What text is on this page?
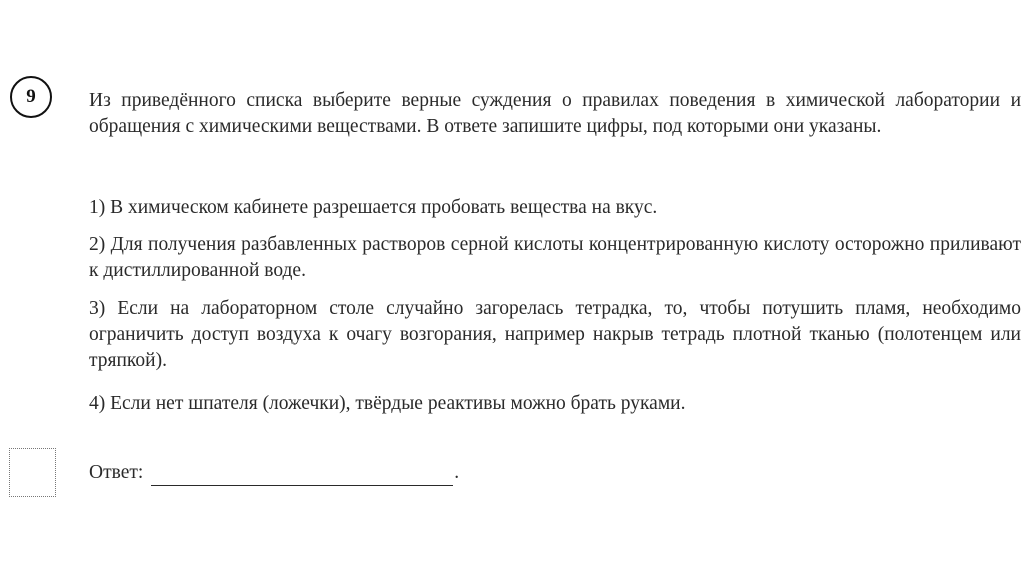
9	Из приведённого списка выберите верные суждения о правилах поведения в химической лаборатории и обращения с химическими веществами. В ответе запишите цифры, под которыми они указаны.
1) В химическом кабинете разрешается пробовать вещества на вкус.
2) Для получения разбавленных растворов серной кислоты концентрированную кислоту осторожно приливают к дистиллированной воде.
3) Если на лабораторном столе случайно загорелась тетрадка, то, чтобы потушить пламя, необходимо ограничить доступ воздуха к очагу возгорания, например накрыв тетрадь плотной тканью (полотенцем или тряпкой).
4) Если нет шпателя (ложечки), твёрдые реактивы можно брать руками.
Ответ:	.
